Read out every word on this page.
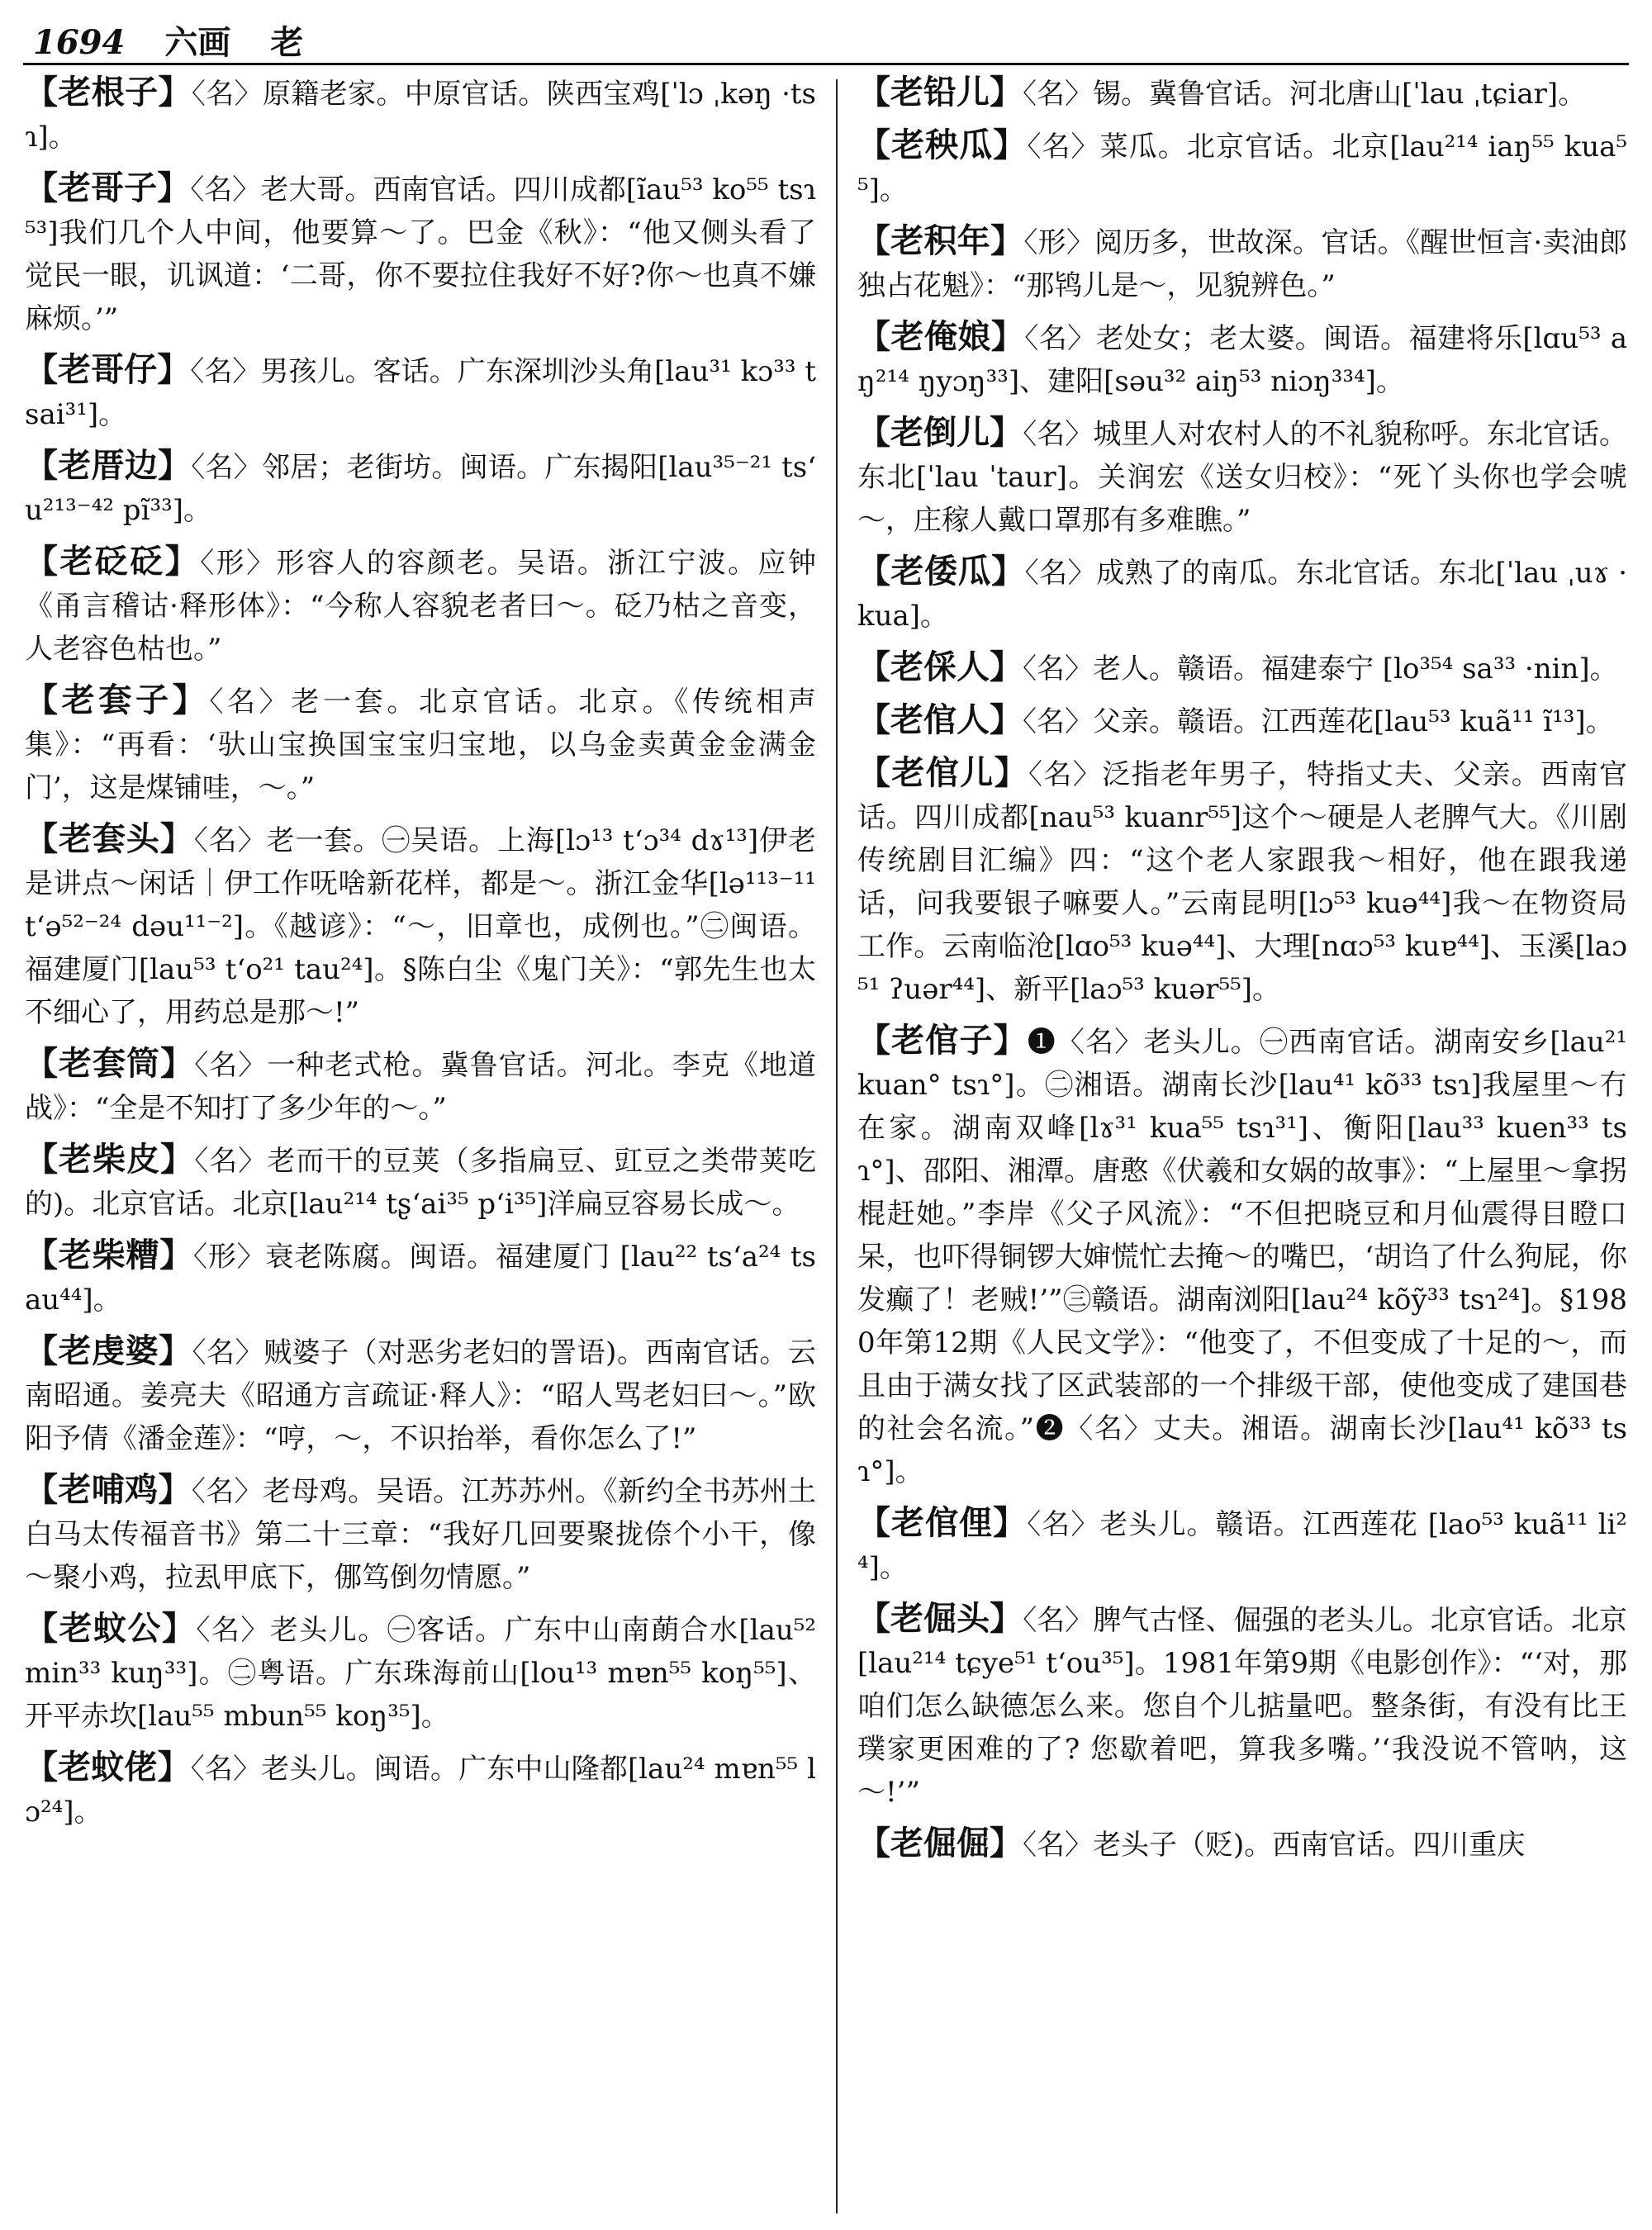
1694 六画 老

【老根子】〈名〉原籍老家。中原官话。陕西宝鸡[ˈlɔ ˌkəŋ ·tsɿ]。

【老哥子】〈名〉老大哥。西南官话。四川成都[ĩau⁵³ ko⁵⁵ tsɿ⁵³]我们几个人中间，他要算～了。巴金《秋》：“他又侧头看了觉民一眼，讥讽道：‘二哥，你不要拉住我好不好?你～也真不嫌麻烦。’”

【老哥仔】〈名〉男孩儿。客话。广东深圳沙头角[lau³¹ kɔ³³ tsai³¹]。

【老厝边】〈名〉邻居；老街坊。闽语。广东揭阳[lau³⁵⁻²¹ tsʻu²¹³⁻⁴² pĩ³³]。

【老砭砭】〈形〉形容人的容颜老。吴语。浙江宁波。应钟《甬言稽诂·释形体》：“今称人容貌老者曰～。砭乃枯之音变，人老容色枯也。”

【老套子】〈名〉老一套。北京官话。北京。《传统相声集》：“再看：‘驮山宝换国宝宝归宝地，以乌金卖黄金金满金门’，这是煤铺哇，～。”

【老套头】〈名〉老一套。㊀吴语。上海[lɔ¹³ tʻɔ³⁴ dɤ¹³]伊老是讲点～闲话｜伊工作呒啥新花样，都是～。浙江金华[lə¹¹³⁻¹¹ tʻə⁵²⁻²⁴ dəu¹¹⁻²]。《越谚》：“～，旧章也，成例也。”㊁闽语。福建厦门[lau⁵³ tʻo²¹ tau²⁴]。§陈白尘《鬼门关》：“郭先生也太不细心了，用药总是那～!”

【老套筒】〈名〉一种老式枪。冀鲁官话。河北。李克《地道战》：“全是不知打了多少年的～。”

【老柴皮】〈名〉老而干的豆荚（多指扁豆、豇豆之类带荚吃的)。北京官话。北京[lau²¹⁴ tʂʻai³⁵ pʻi³⁵]洋扁豆容易长成～。

【老柴糟】〈形〉衰老陈腐。闽语。福建厦门 [lau²² tsʻa²⁴ tsau⁴⁴]。

【老虔婆】〈名〉贼婆子（对恶劣老妇的詈语)。西南官话。云南昭通。姜亮夫《昭通方言疏证·释人》：“昭人骂老妇曰～。”欧阳予倩《潘金莲》：“哼，～，不识抬举，看你怎么了!”

【老哺鸡】〈名〉老母鸡。吴语。江苏苏州。《新约全书苏州土白马太传福音书》第二十三章：“我好几回要聚拢倷个小干，像～聚小鸡，拉厾甲底下，㑚笃倒勿情愿。”

【老蚊公】〈名〉老头儿。㊀客话。广东中山南蓢合水[lau⁵² min³³ kuŋ³³]。㊁粤语。广东珠海前山[lou¹³ mɐn⁵⁵ koŋ⁵⁵]、开平赤坎[lau⁵⁵ mbun⁵⁵ koŋ³⁵]。

【老蚊佬】〈名〉老头儿。闽语。广东中山隆都[lau²⁴ mɐn⁵⁵ lɔ²⁴]。

【老铅儿】〈名〉锡。冀鲁官话。河北唐山[ˈlau ˌtɕiar]。

【老秧瓜】〈名〉菜瓜。北京官话。北京[lau²¹⁴ iaŋ⁵⁵ kua⁵⁵]。

【老积年】〈形〉阅历多，世故深。官话。《醒世恒言·卖油郎独占花魁》：“那鸨儿是～，见貌辨色。”

【老俺娘】〈名〉老处女；老太婆。闽语。福建将乐[lɑu⁵³ aŋ²¹⁴ ŋyɔŋ³³]、建阳[səu³² aiŋ⁵³ niɔŋ³³⁴]。

【老倒儿】〈名〉城里人对农村人的不礼貌称呼。东北官话。东北[ˈlau ˈtaur]。关润宏《送女归校》：“死丫头你也学会唬～，庄稼人戴口罩那有多难瞧。”

【老倭瓜】〈名〉成熟了的南瓜。东北官话。东北[ˈlau ˌuɤ ·kua]。

【老倸人】〈名〉老人。赣语。福建泰宁 [lo³⁵⁴ sa³³ ·nin]。

【老倌人】〈名〉父亲。赣语。江西莲花[lau⁵³ kuã¹¹ ĩ¹³]。

【老倌儿】〈名〉泛指老年男子，特指丈夫、父亲。西南官话。四川成都[nau⁵³ kuanr⁵⁵]这个～硬是人老脾气大。《川剧传统剧目汇编》四：“这个老人家跟我～相好，他在跟我递话，问我要银子嘛要人。”云南昆明[lɔ⁵³ kuə⁴⁴]我～在物资局工作。云南临沧[lɑo⁵³ kuə⁴⁴]、大理[nɑɔ⁵³ kuɐ⁴⁴]、玉溪[laɔ⁵¹ ʔuər⁴⁴]、新平[laɔ⁵³ kuər⁵⁵]。

【老倌子】❶〈名〉老头儿。㊀西南官话。湖南安乡[lau²¹ kuan° tsɿ°]。㊁湘语。湖南长沙[lau⁴¹ kõ³³ tsɿ]我屋里～冇在家。湖南双峰[lɤ³¹ kua⁵⁵ tsɿ³¹]、衡阳[lau³³ kuen³³ tsɿ°]、邵阳、湘潭。唐憨《伏羲和女娲的故事》：“上屋里～拿拐棍赶她。”李岸《父子风流》：“不但把晓豆和月仙震得目瞪口呆，也吓得铜锣大婶慌忙去掩～的嘴巴，‘胡诌了什么狗屁，你发癫了！老贼!’”㊂赣语。湖南浏阳[lau²⁴ kõỹ³³ tsɿ²⁴]。§1980年第12期《人民文学》：“他变了，不但变成了十足的～，而且由于满女找了区武装部的一个排级干部，使他变成了建国巷的社会名流。”❷〈名〉丈夫。湘语。湖南长沙[lau⁴¹ kõ³³ tsɿ°]。

【老倌俚】〈名〉老头儿。赣语。江西莲花 [lao⁵³ kuã¹¹ li²⁴]。

【老倔头】〈名〉脾气古怪、倔强的老头儿。北京官话。北京[lau²¹⁴ tɕye⁵¹ tʻou³⁵]。1981年第9期《电影创作》：“‘对，那咱们怎么缺德怎么来。您自个儿掂量吧。整条街，有没有比王璞家更困难的了? 您歇着吧，算我多嘴。’‘我没说不管呐，这～!’”

【老倔倔】〈名〉老头子（贬)。西南官话。四川重庆
